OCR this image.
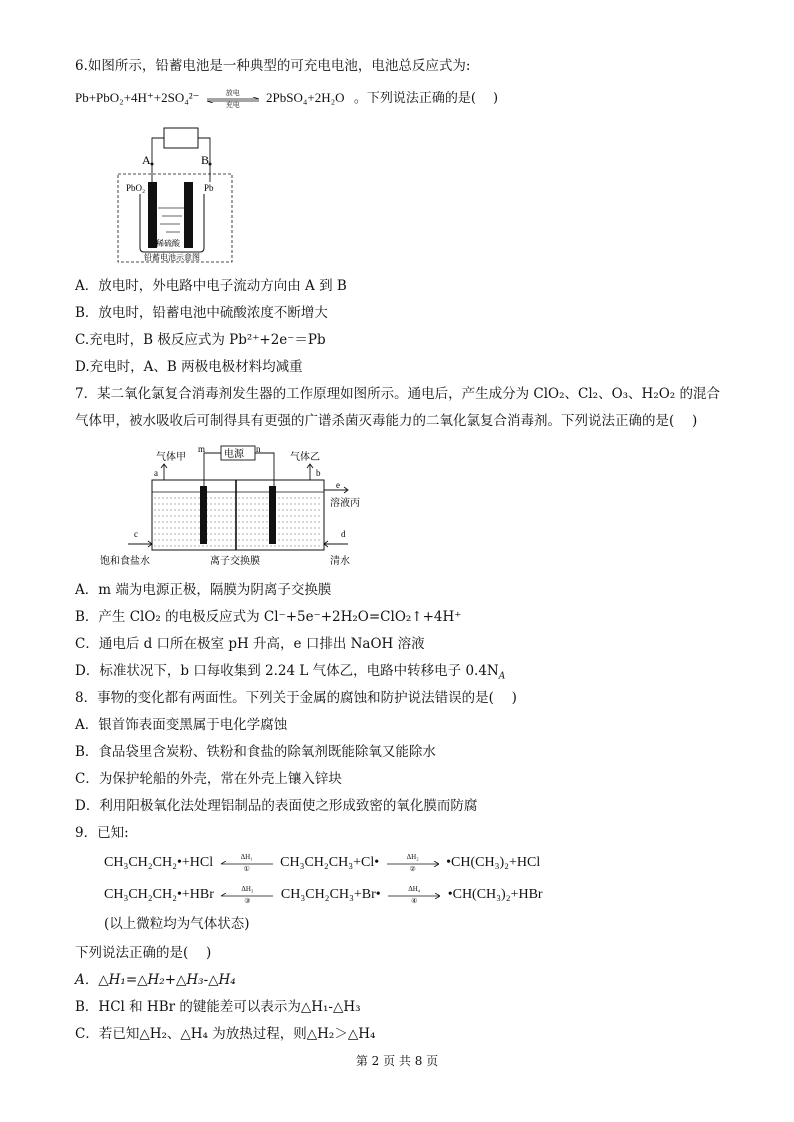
6.如图所示，铅蓄电池是一种典型的可充电电池，电池总反应式为:
Pb+PbO₂+4H⁺+2SO₄²⁻	放电
充电
2PbSO₄+2H₂O 。下列说法正确的是(　 )
A	B
PbO₂	Pb
稀硫酸
铅蓄电池示意图
A．放电时，外电路中电子流动方向由 A 到 B
B．放电时，铅蓄电池中硫酸浓度不断增大
C.充电时，B 极反应式为 Pb²⁺+2e⁻＝Pb
D.充电时，A、B 两极电极材料均减重
7．某二氧化氯复合消毒剂发生器的工作原理如图所示。通电后，产生成分为 ClO₂、Cl₂、O₃、H₂O₂ 的混合
气体甲，被水吸收后可制得具有更强的广谱杀菌灭毒能力的二氧化氯复合消毒剂。下列说法正确的是(　 )
m	n
电源
气体甲	气体乙
a	b
e
溶液丙
c	d
饱和食盐水	离子交换膜	清水
A．m 端为电源正极，隔膜为阴离子交换膜
B．产生 ClO₂ 的电极反应式为 Cl⁻+5e⁻+2H₂O=ClO₂↑+4H⁺
C．通电后 d 口所在极室 pH 升高，e 口排出 NaOH 溶液
D．标准状况下，b 口每收集到 2.24 L 气体乙，电路中转移电子 $0.4N_A$
8．事物的变化都有两面性。下列关于金属的腐蚀和防护说法错误的是(　 )
A．银首饰表面变黑属于电化学腐蚀
B．食品袋里含炭粉、铁粉和食盐的除氧剂既能除氧又能除水
C．为保护轮船的外壳，常在外壳上镶入锌块
D．利用阳极氧化法处理铝制品的表面使之形成致密的氧化膜而防腐
9．已知:
CH₃CH₂CH₂•+HCl	ΔH₁
①	CH₃CH₂CH₃+Cl•	ΔH₂
②	•CH(CH₃)₂+HCl
CH₃CH₂CH₂•+HBr	ΔH₃
③	CH₃CH₂CH₃+Br•	ΔH₄
④	•CH(CH₃)₂+HBr
(以上微粒均为气体状态)
下列说法正确的是(　 )
A．△H₁=△H₂+△H₃-△H₄
B．HCl 和 HBr 的键能差可以表示为△H₁-△H₃
C．若已知△H₂、△H₄ 为放热过程，则△H₂＞△H₄
第 2 页 共 8 页
